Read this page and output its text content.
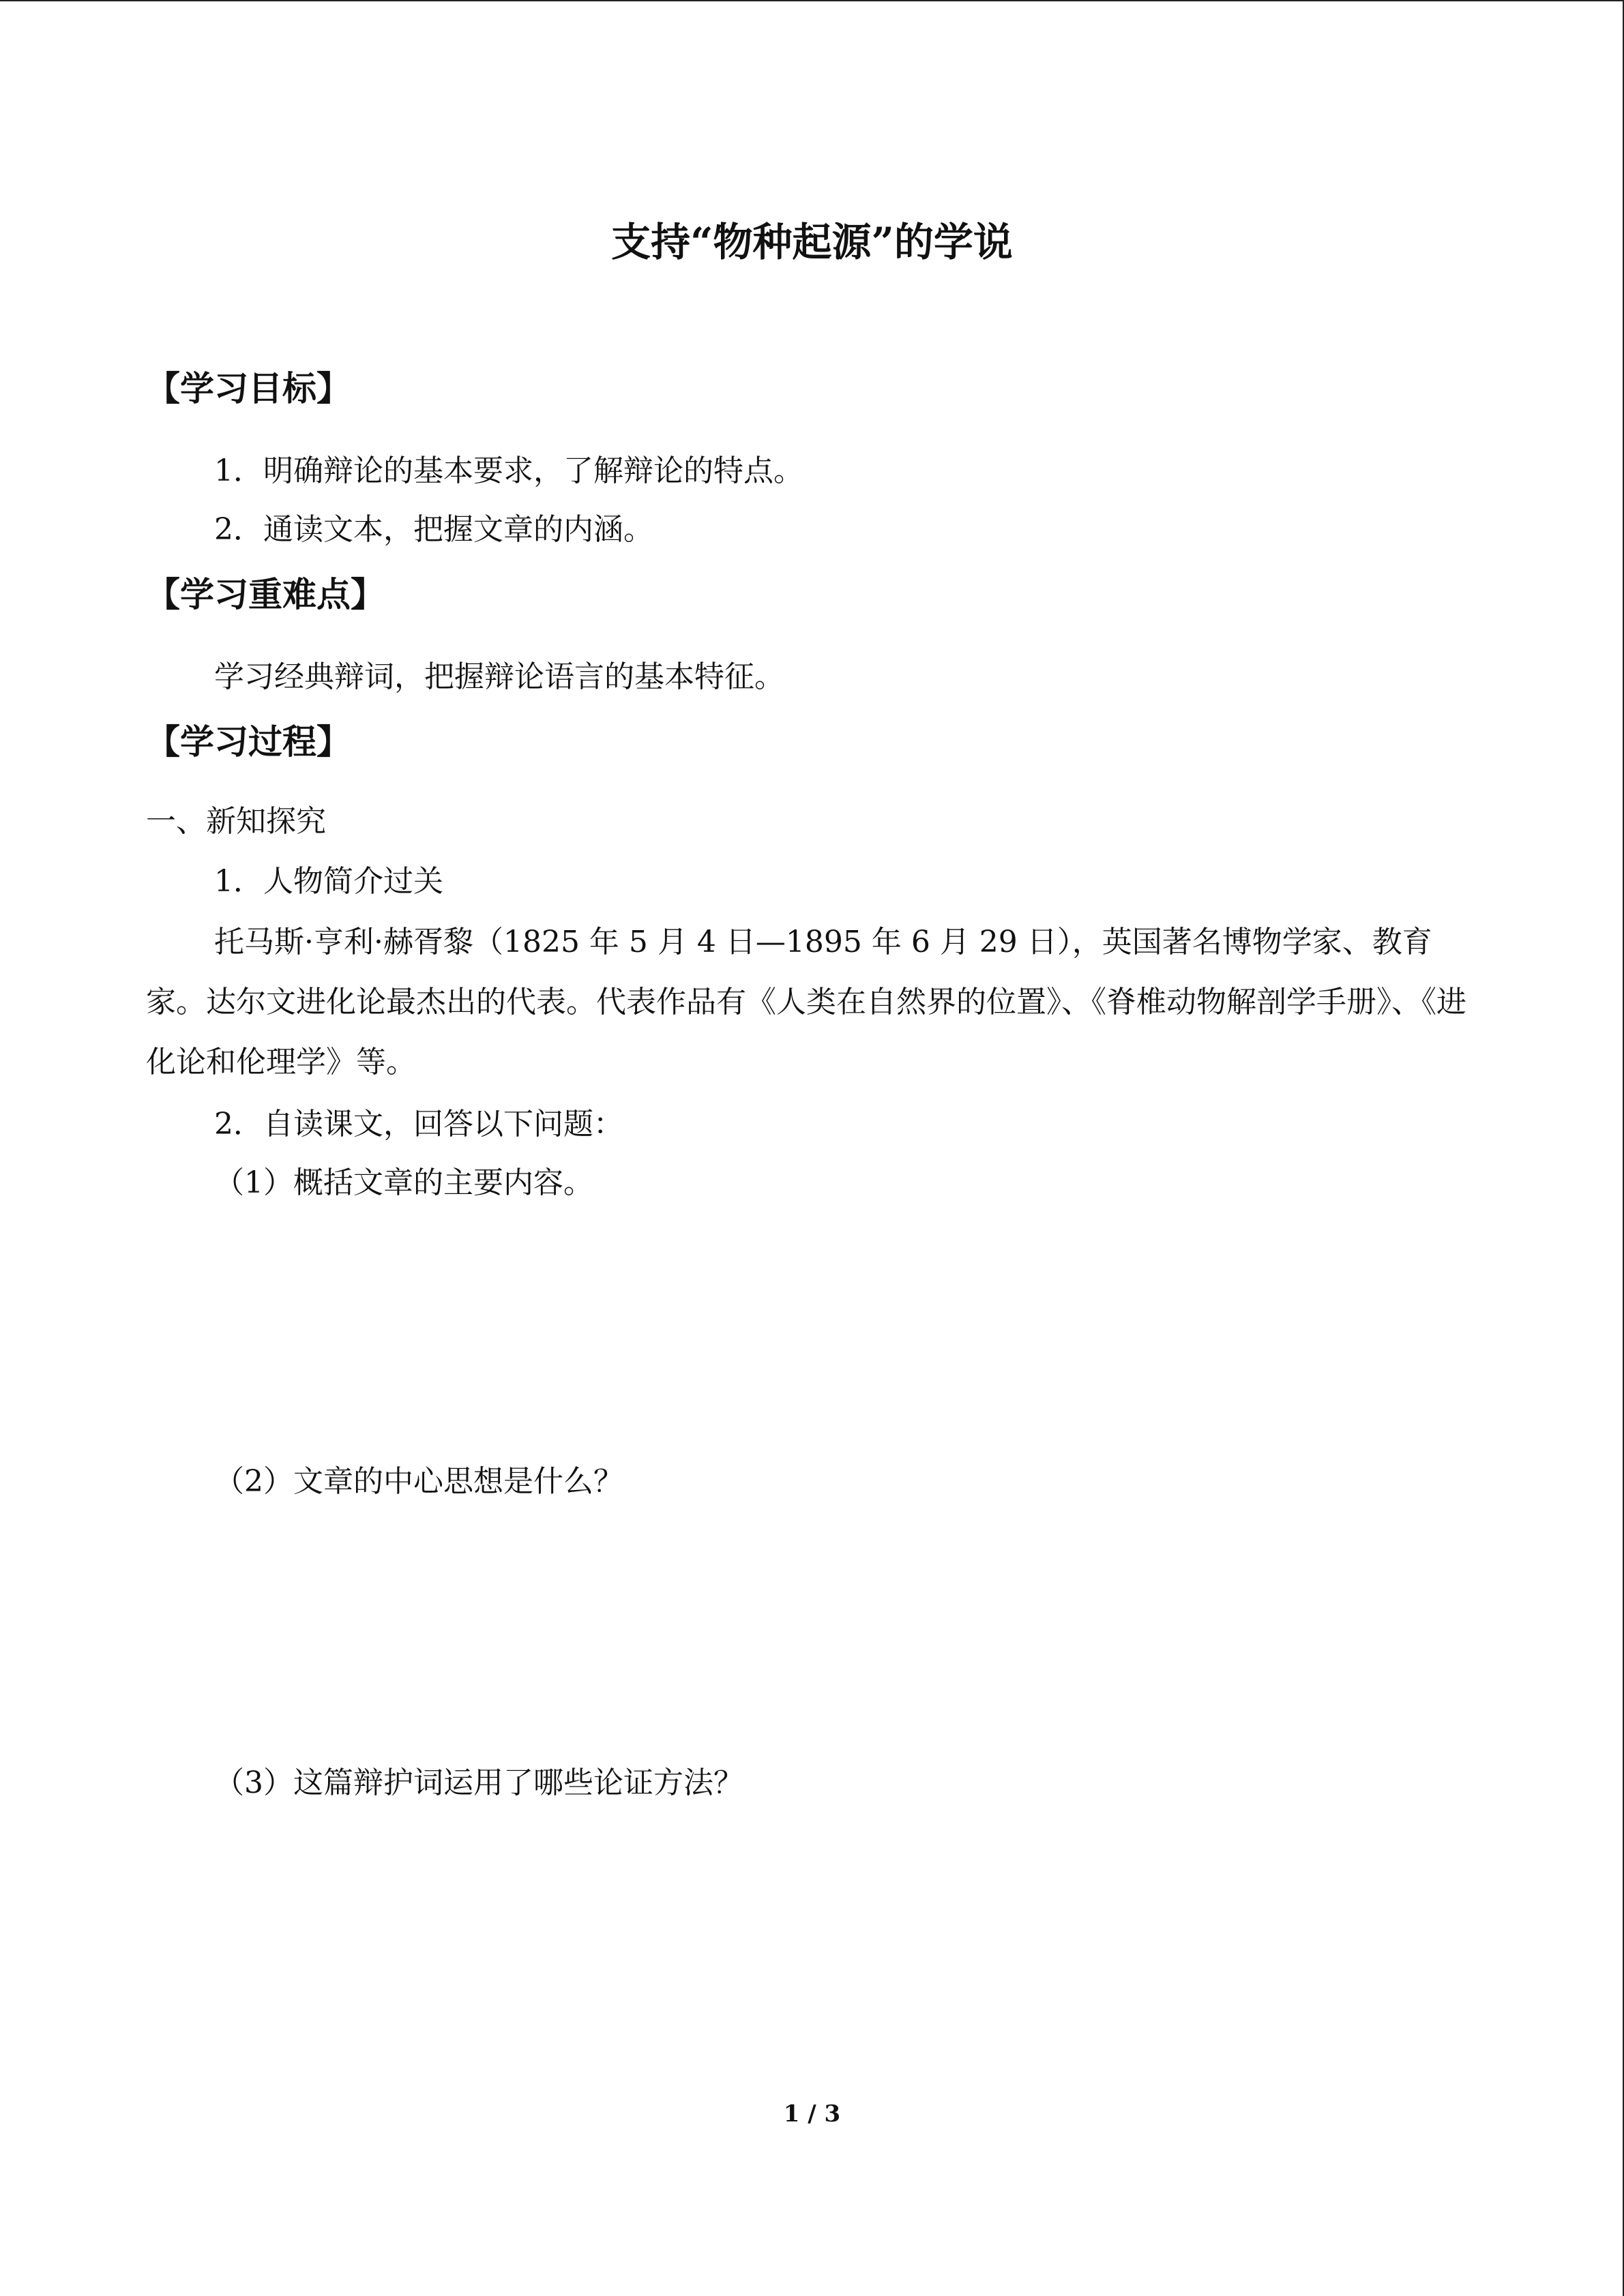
支持“物种起源”的学说
【学习目标】
1．明确辩论的基本要求，了解辩论的特点。
2．通读文本，把握文章的内涵。
【学习重难点】
学习经典辩词，把握辩论语言的基本特征。
【学习过程】
一、新知探究
1．人物简介过关
托马斯·亨利·赫胥黎（1825 年 5 月 4 日—1895 年 6 月 29 日），英国著名博物学家、教育家。达尔文进化论最杰出的代表。代表作品有《人类在自然界的位置》、《脊椎动物解剖学手册》、《进化论和伦理学》等。
2．自读课文，回答以下问题：
（1）概括文章的主要内容。
（2）文章的中心思想是什么？
（3）这篇辩护词运用了哪些论证方法？
1 / 3
